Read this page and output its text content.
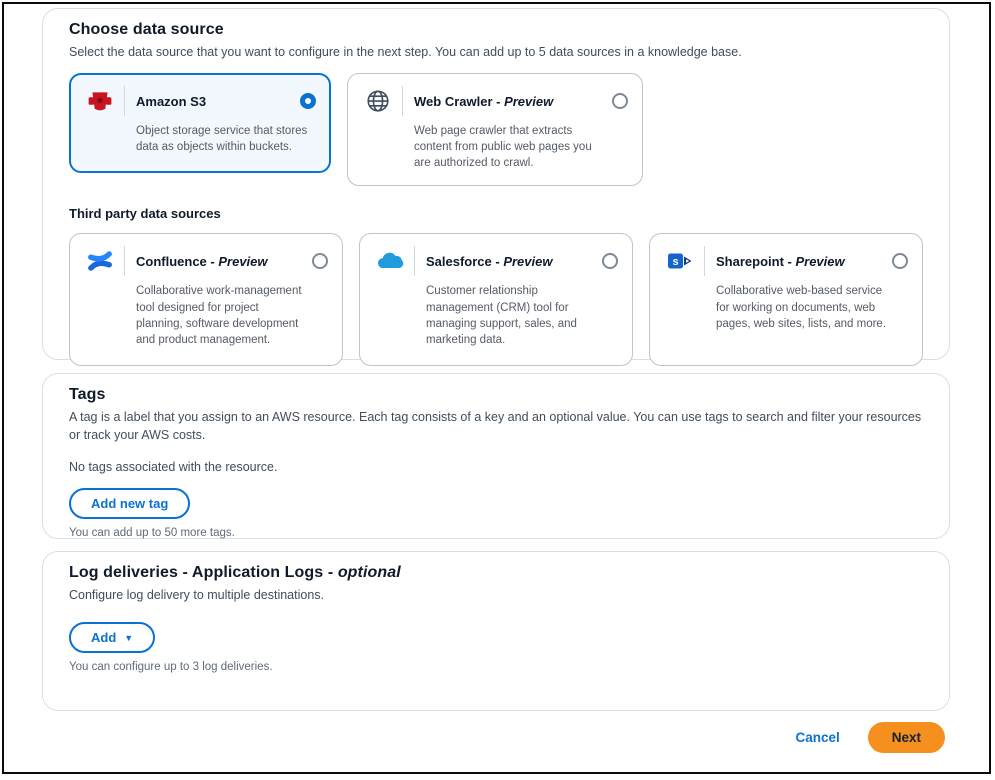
Choose data source
Select the data source that you want to configure in the next step. You can add up to 5 data sources in a knowledge base.
Amazon S3
Object storage service that stores data as objects within buckets.
Web Crawler - Preview
Web page crawler that extracts content from public web pages you are authorized to crawl.
Third party data sources
Confluence - Preview
Collaborative work-management tool designed for project planning, software development and product management.
Salesforce - Preview
Customer relationship management (CRM) tool for managing support, sales, and marketing data.
s	Sharepoint - Preview
Collaborative web-based service for working on documents, web pages, web sites, lists, and more.
Tags
A tag is a label that you assign to an AWS resource. Each tag consists of a key and an optional value. You can use tags to search and filter your resources or track your AWS costs.
No tags associated with the resource.
Add new tag
You can add up to 50 more tags.
Log deliveries - Application Logs - optional
Configure log delivery to multiple destinations.
Add ▼
You can configure up to 3 log deliveries.
Cancel	Next
